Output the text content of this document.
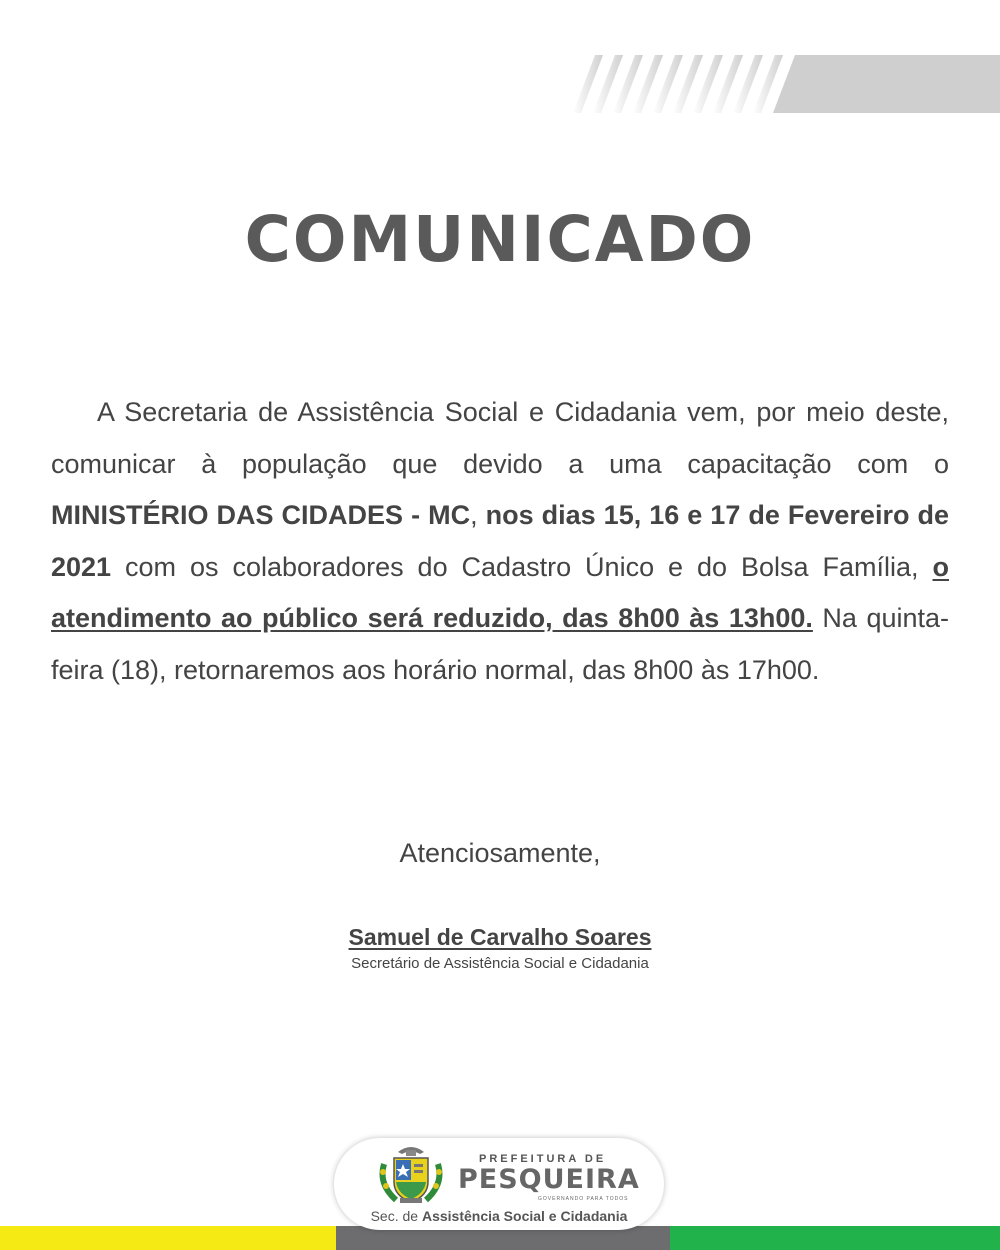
COMUNICADO

A Secretaria de Assistência Social e Cidadania vem, por meio deste, comunicar à população que devido a uma capacitação com o MINISTÉRIO DAS CIDADES - MC, nos dias 15, 16 e 17 de Fevereiro de 2021 com os colaboradores do Cadastro Único e do Bolsa Família, o atendimento ao público será reduzido, das 8h00 às 13h00. Na quinta-feira (18), retornaremos aos horário normal, das 8h00 às 17h00.

Atenciosamente,
Samuel de Carvalho Soares
Secretário de Assistência Social e Cidadania
PREFEITURA DE
PESQUEIRA
GOVERNANDO PARA TODOS
Sec. de Assistência Social e Cidadania
